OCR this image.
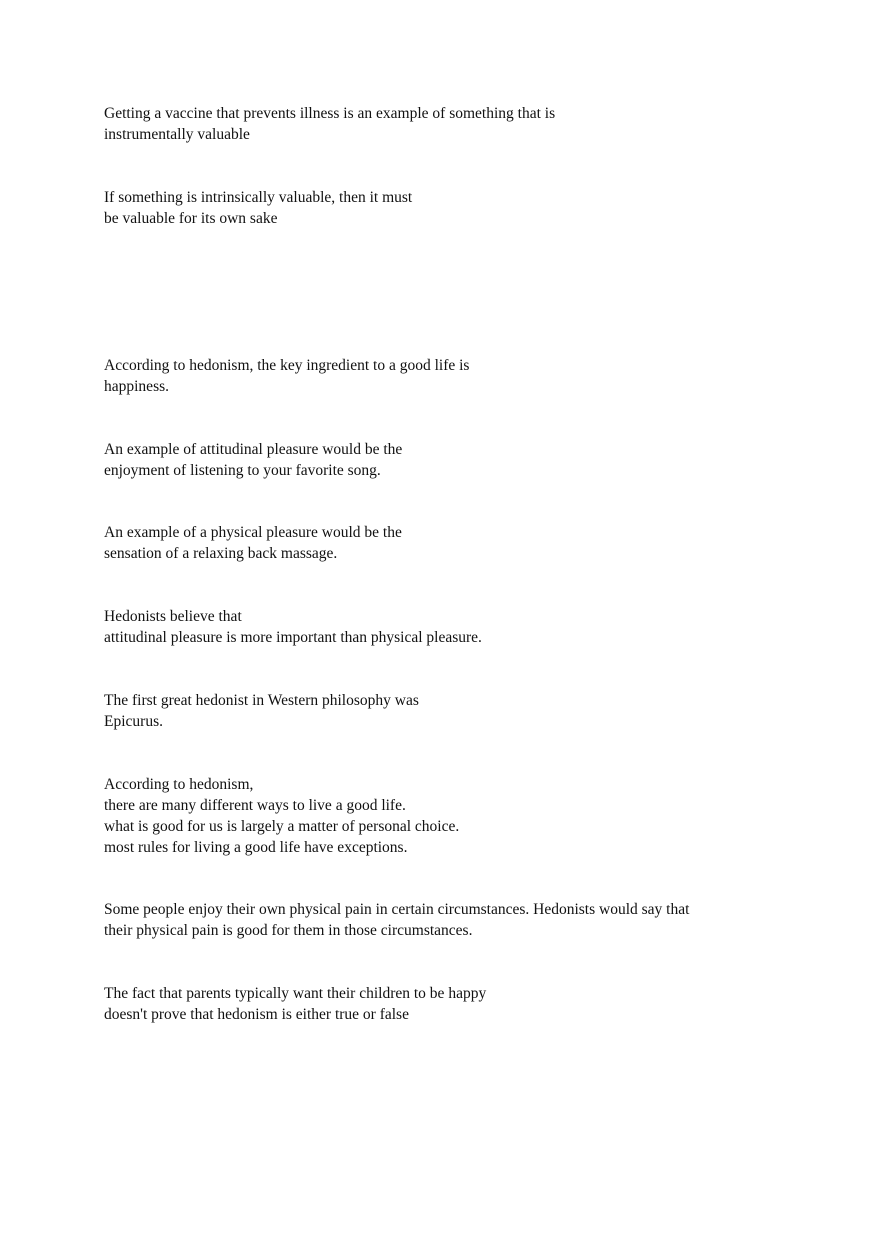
Getting a vaccine that prevents illness is an example of something that is
instrumentally valuable

If something is intrinsically valuable, then it must
be valuable for its own sake

According to hedonism, the key ingredient to a good life is
happiness.

An example of attitudinal pleasure would be the
enjoyment of listening to your favorite song.

An example of a physical pleasure would be the
sensation of a relaxing back massage.

Hedonists believe that
attitudinal pleasure is more important than physical pleasure.

The first great hedonist in Western philosophy was
Epicurus.

According to hedonism,
there are many different ways to live a good life.
what is good for us is largely a matter of personal choice.
most rules for living a good life have exceptions.

Some people enjoy their own physical pain in certain circumstances. Hedonists would say that
their physical pain is good for them in those circumstances.

The fact that parents typically want their children to be happy
doesn't prove that hedonism is either true or false
